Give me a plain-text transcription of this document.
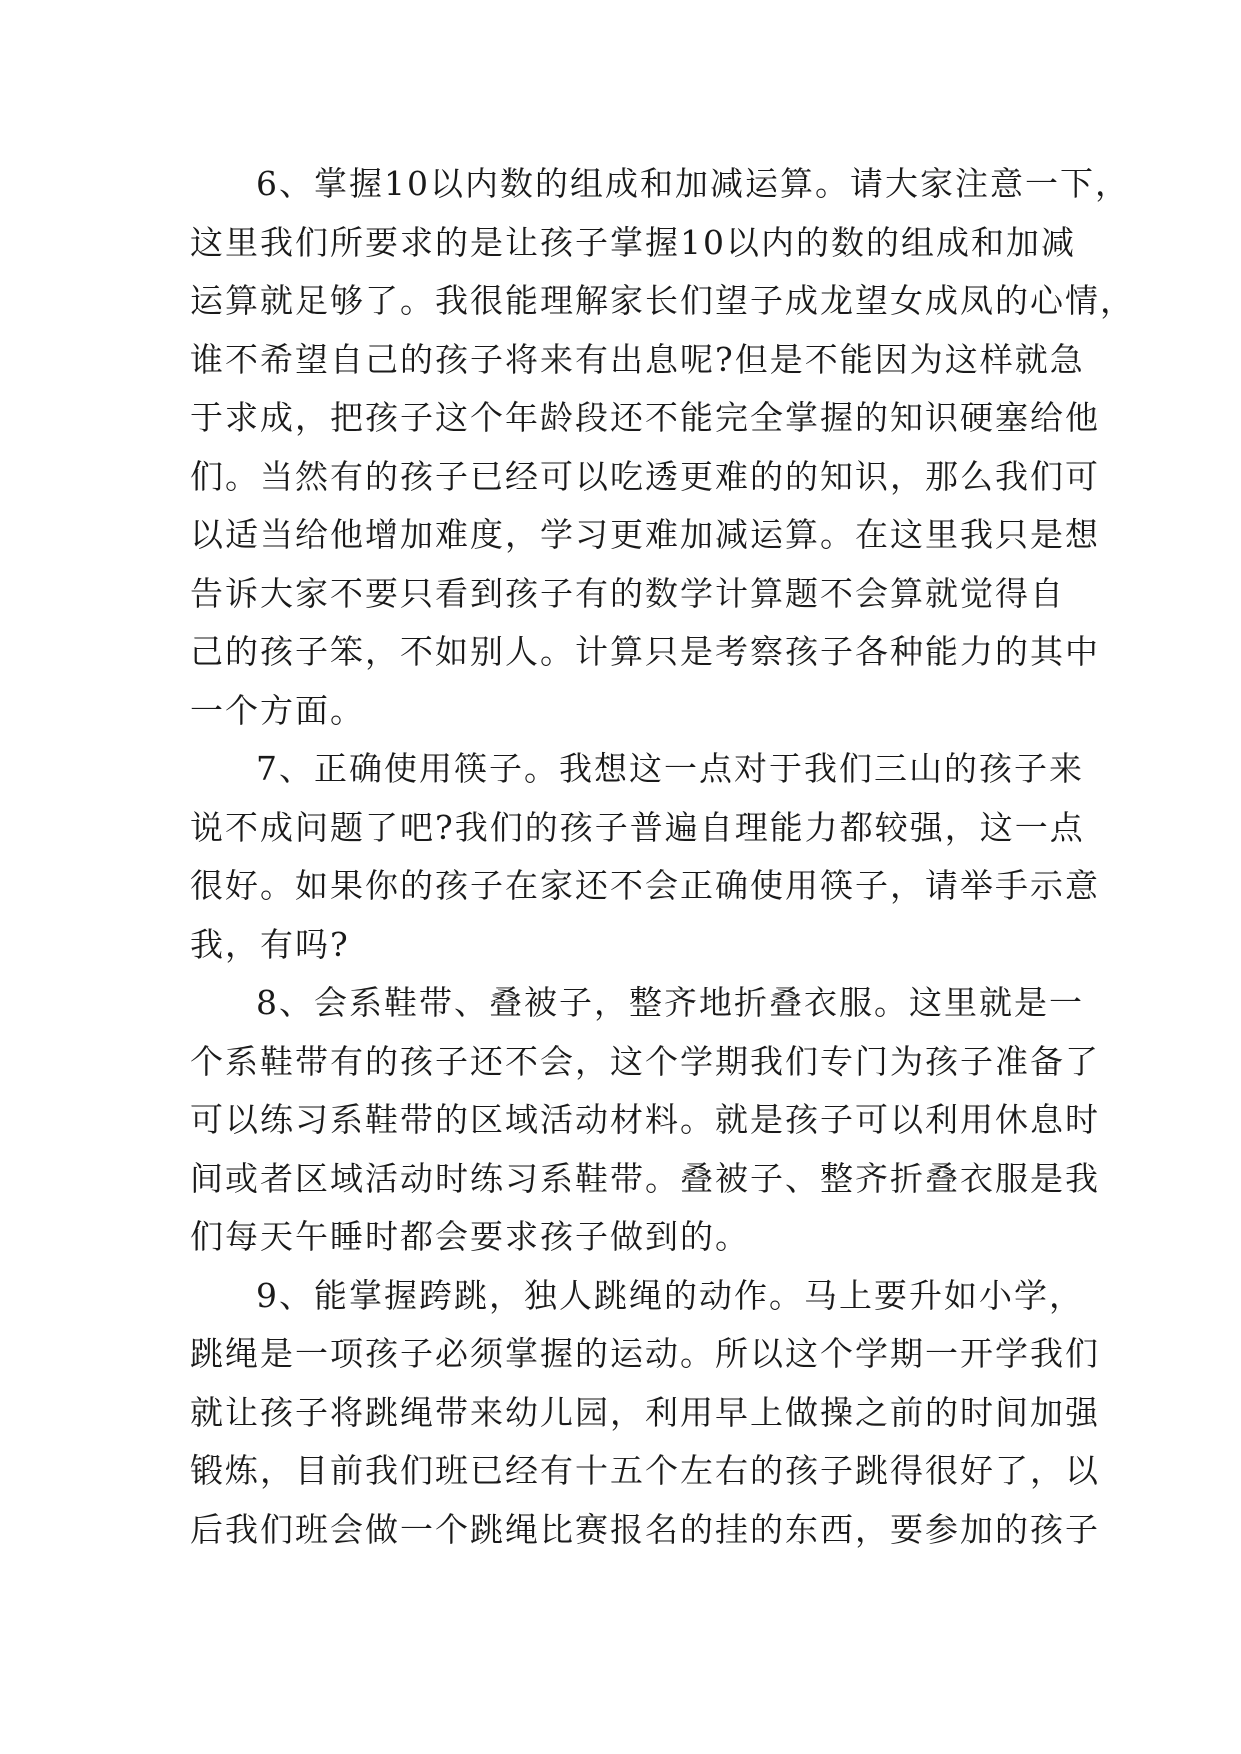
6、掌握10以内数的组成和加减运算。请大家注意一下，
这里我们所要求的是让孩子掌握10以内的数的组成和加减
运算就足够了。我很能理解家长们望子成龙望女成凤的心情，
谁不希望自己的孩子将来有出息呢?但是不能因为这样就急
于求成，把孩子这个年龄段还不能完全掌握的知识硬塞给他
们。当然有的孩子已经可以吃透更难的的知识，那么我们可
以适当给他增加难度，学习更难加减运算。在这里我只是想
告诉大家不要只看到孩子有的数学计算题不会算就觉得自
己的孩子笨，不如别人。计算只是考察孩子各种能力的其中
一个方面。
7、正确使用筷子。我想这一点对于我们三山的孩子来
说不成问题了吧?我们的孩子普遍自理能力都较强，这一点
很好。如果你的孩子在家还不会正确使用筷子，请举手示意
我，有吗?
8、会系鞋带、叠被子，整齐地折叠衣服。这里就是一
个系鞋带有的孩子还不会，这个学期我们专门为孩子准备了
可以练习系鞋带的区域活动材料。就是孩子可以利用休息时
间或者区域活动时练习系鞋带。叠被子、整齐折叠衣服是我
们每天午睡时都会要求孩子做到的。
9、能掌握跨跳，独人跳绳的动作。马上要升如小学，
跳绳是一项孩子必须掌握的运动。所以这个学期一开学我们
就让孩子将跳绳带来幼儿园，利用早上做操之前的时间加强
锻炼，目前我们班已经有十五个左右的孩子跳得很好了，以
后我们班会做一个跳绳比赛报名的挂的东西，要参加的孩子
